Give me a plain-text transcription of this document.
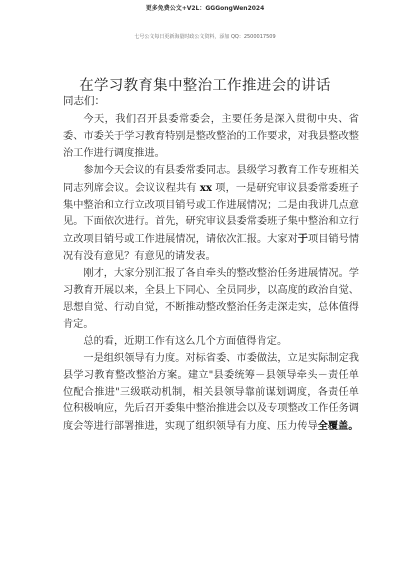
更多免费公文+V2L：GGGongWen2024
七号公文每日更新海量时政公文资料，添加 QQ：2500017509
在学习教育集中整治工作推进会的讲话
同志们：

今天，我们召开县委常委会，主要任务是深入贯彻中央、省委、市委关于学习教育特别是整改整治的工作要求，对我县整改整治工作进行调度推进。

参加今天会议的有县委常委同志。县级学习教育工作专班相关同志列席会议。会议议程共有 xx 项，一是研究审议县委常委班子集中整治和立行立改项目销号或工作进展情况；二是由我讲几点意见。下面依次进行。首先，研究审议县委常委班子集中整治和立行立改项目销号或工作进展情况，请依次汇报。大家对于项目销号情况有没有意见？有意见的请发表。

刚才，大家分别汇报了各自牵头的整改整治任务进展情况。学习教育开展以来，全县上下同心、全员同步，以高度的政治自觉、思想自觉、行动自觉，不断推动整改整治任务走深走实，总体值得肯定。

总的看，近期工作有这么几个方面值得肯定。

一是组织领导有力度。对标省委、市委做法，立足实际制定我县学习教育整改整治方案。建立"县委统筹－县领导牵头－责任单位配合推进"三级联动机制，相关县领导靠前谋划调度，各责任单位积极响应，先后召开委集中整治推进会以及专项整改工作任务调度会等进行部署推进，实现了组织领导有力度、压力传导全覆盖。
